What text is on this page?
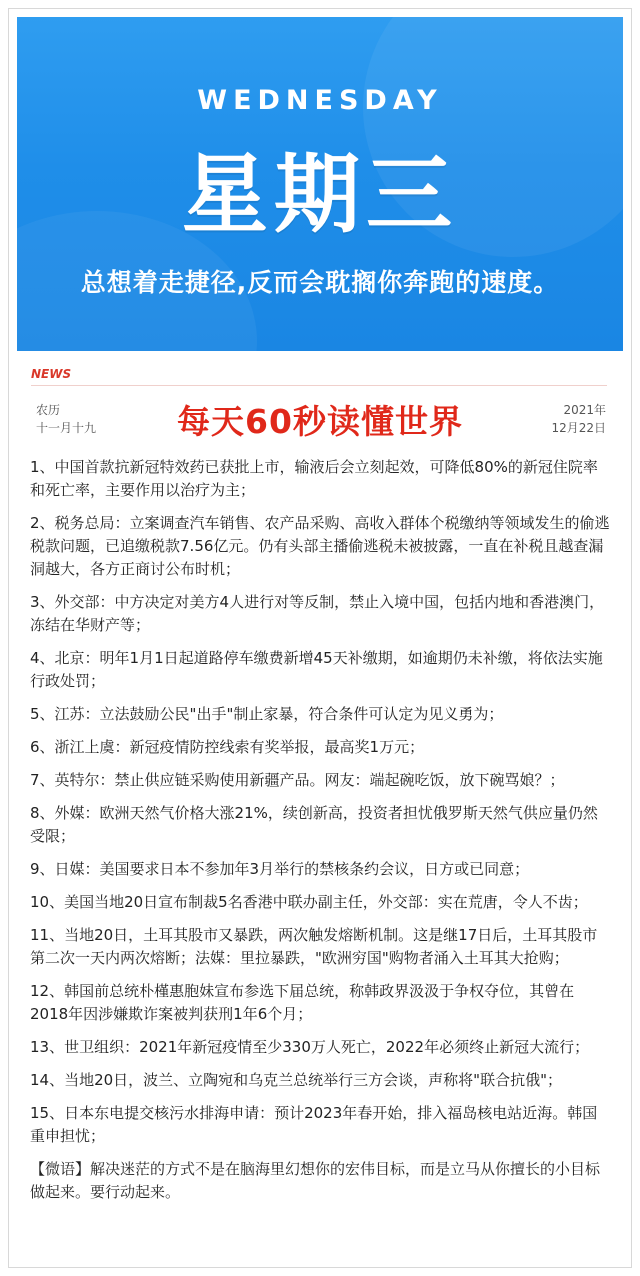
WEDNESDAY
星期三
总想着走捷径,反而会耽搁你奔跑的速度。
NEWS
农历
十一月十九	每天60秒读懂世界	2021年
12月22日
1、中国首款抗新冠特效药已获批上市，输液后会立刻起效，可降低80%的新冠住院率和死亡率，主要作用以治疗为主；
2、税务总局：立案调查汽车销售、农产品采购、高收入群体个税缴纳等领域发生的偷逃税款问题，已追缴税款7.56亿元。仍有头部主播偷逃税未被披露，一直在补税且越查漏洞越大，各方正商讨公布时机；
3、外交部：中方决定对美方4人进行对等反制，禁止入境中国，包括内地和香港澳门，冻结在华财产等；
4、北京：明年1月1日起道路停车缴费新增45天补缴期，如逾期仍未补缴，将依法实施行政处罚；
5、江苏：立法鼓励公民"出手"制止家暴，符合条件可认定为见义勇为；
6、浙江上虞：新冠疫情防控线索有奖举报，最高奖1万元；
7、英特尔：禁止供应链采购使用新疆产品。网友：端起碗吃饭，放下碗骂娘？；
8、外媒：欧洲天然气价格大涨21%，续创新高，投资者担忧俄罗斯天然气供应量仍然受限；
9、日媒：美国要求日本不参加年3月举行的禁核条约会议，日方或已同意；
10、美国当地20日宣布制裁5名香港中联办副主任，外交部：实在荒唐，令人不齿；
11、当地20日，土耳其股市又暴跌，两次触发熔断机制。这是继17日后，土耳其股市第二次一天内两次熔断；法媒：里拉暴跌，"欧洲穷国"购物者涌入土耳其大抢购；
12、韩国前总统朴槿惠胞妹宣布参选下届总统，称韩政界汲汲于争权夺位，其曾在2018年因涉嫌欺诈案被判获刑1年6个月；
13、世卫组织：2021年新冠疫情至少330万人死亡，2022年必须终止新冠大流行；
14、当地20日，波兰、立陶宛和乌克兰总统举行三方会谈，声称将"联合抗俄"；
15、日本东电提交核污水排海申请：预计2023年春开始，排入福岛核电站近海。韩国重申担忧；
【微语】解决迷茫的方式不是在脑海里幻想你的宏伟目标，而是立马从你擅长的小目标做起来。要行动起来。
